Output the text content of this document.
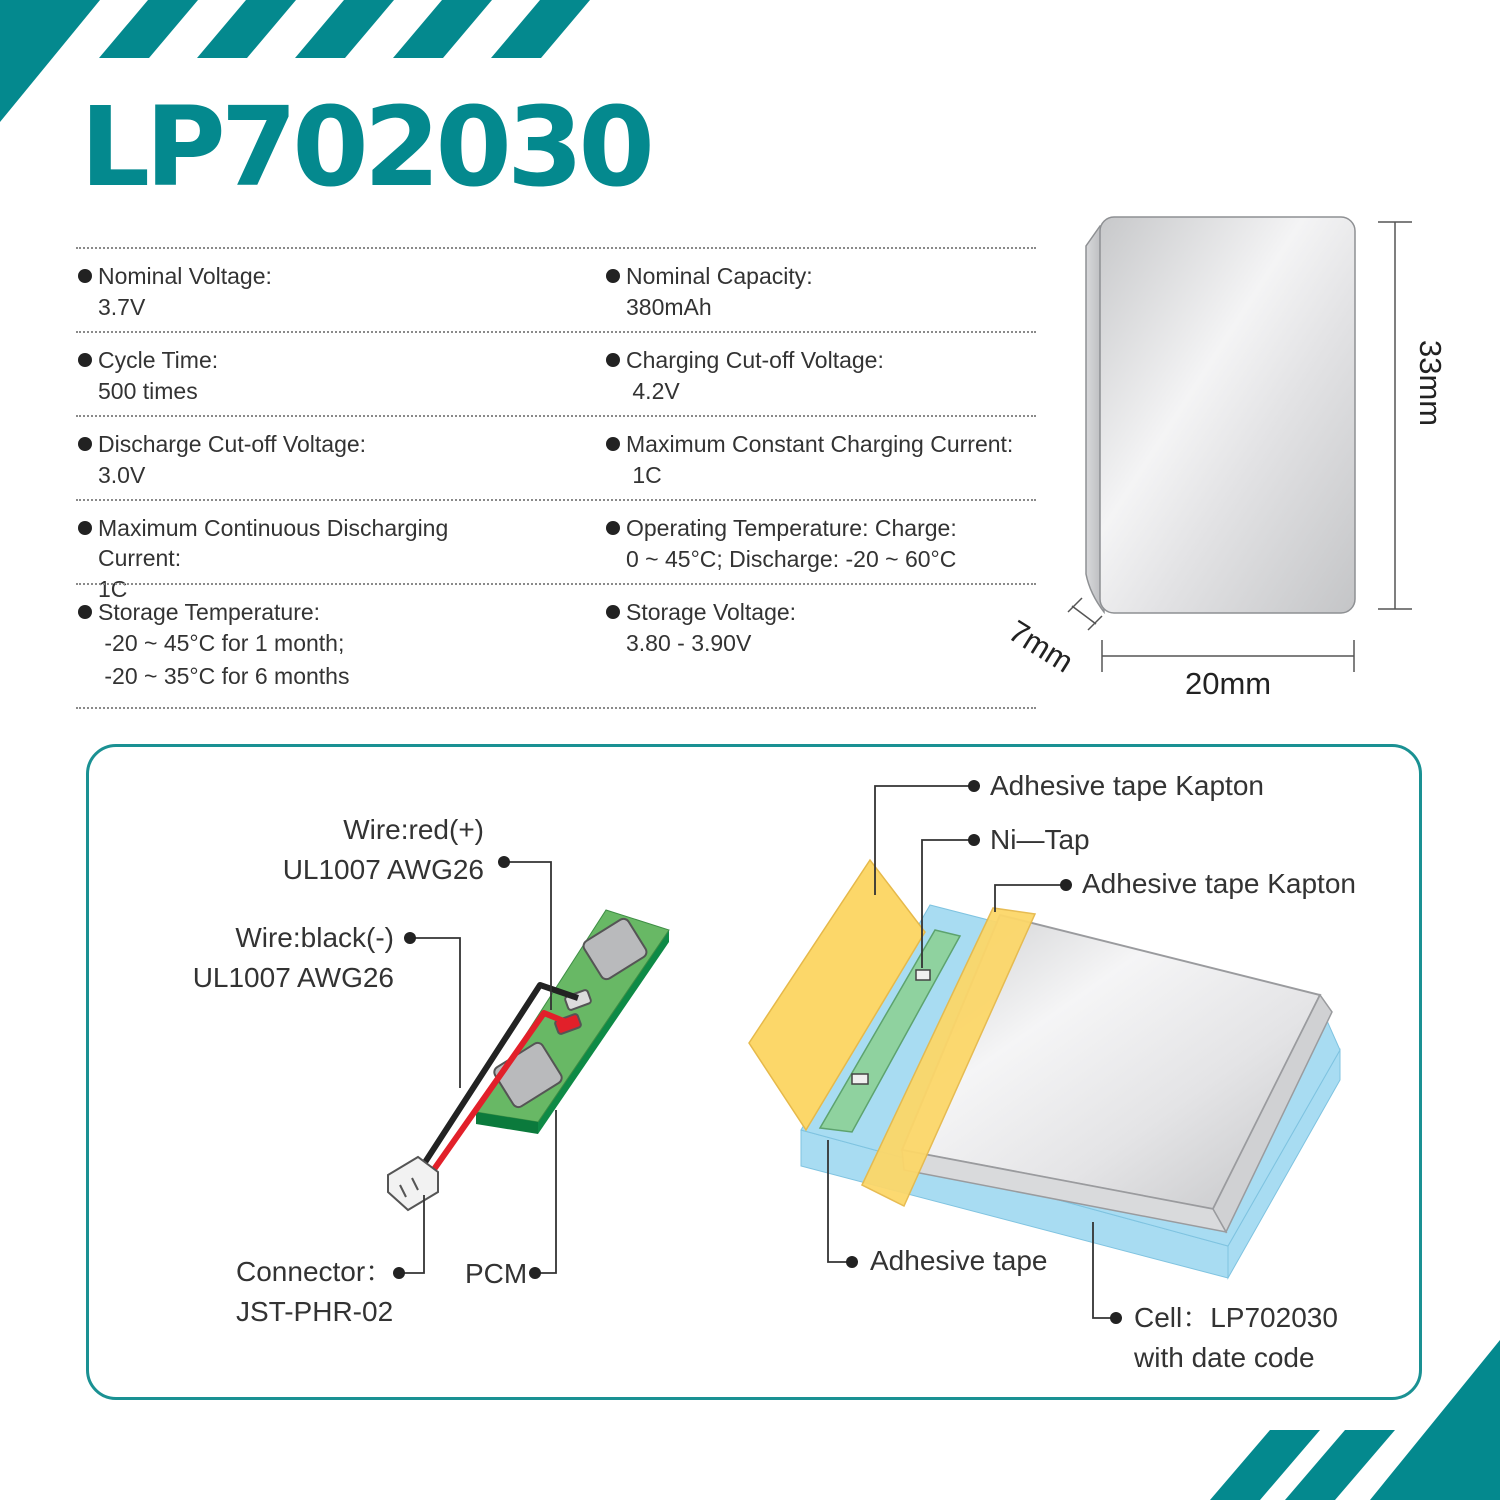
LP702030
Nominal Voltage:
3.7V
Nominal Capacity:
380mAh
Cycle Time:
500 times
Charging Cut-off Voltage:
4.2V
Discharge Cut-off Voltage:
3.0V
Maximum Constant Charging Current:
1C
Maximum Continuous Discharging Current:
1C
Operating Temperature: Charge:
0 ~ 45°C; Discharge: -20 ~ 60°C
Storage Temperature:
-20 ~ 45°C for 1 month;
-20 ~ 35°C for 6 months
Storage Voltage:
3.80 - 3.90V
33mm
20mm
7mm
Wire:red(+)
UL1007 AWG26
Wire:black(-)
UL1007 AWG26
Connector：
JST-PHR-02
PCM
Adhesive tape Kapton
Ni—Tap
Adhesive tape Kapton
Adhesive tape
Cell：LP702030
with date code
